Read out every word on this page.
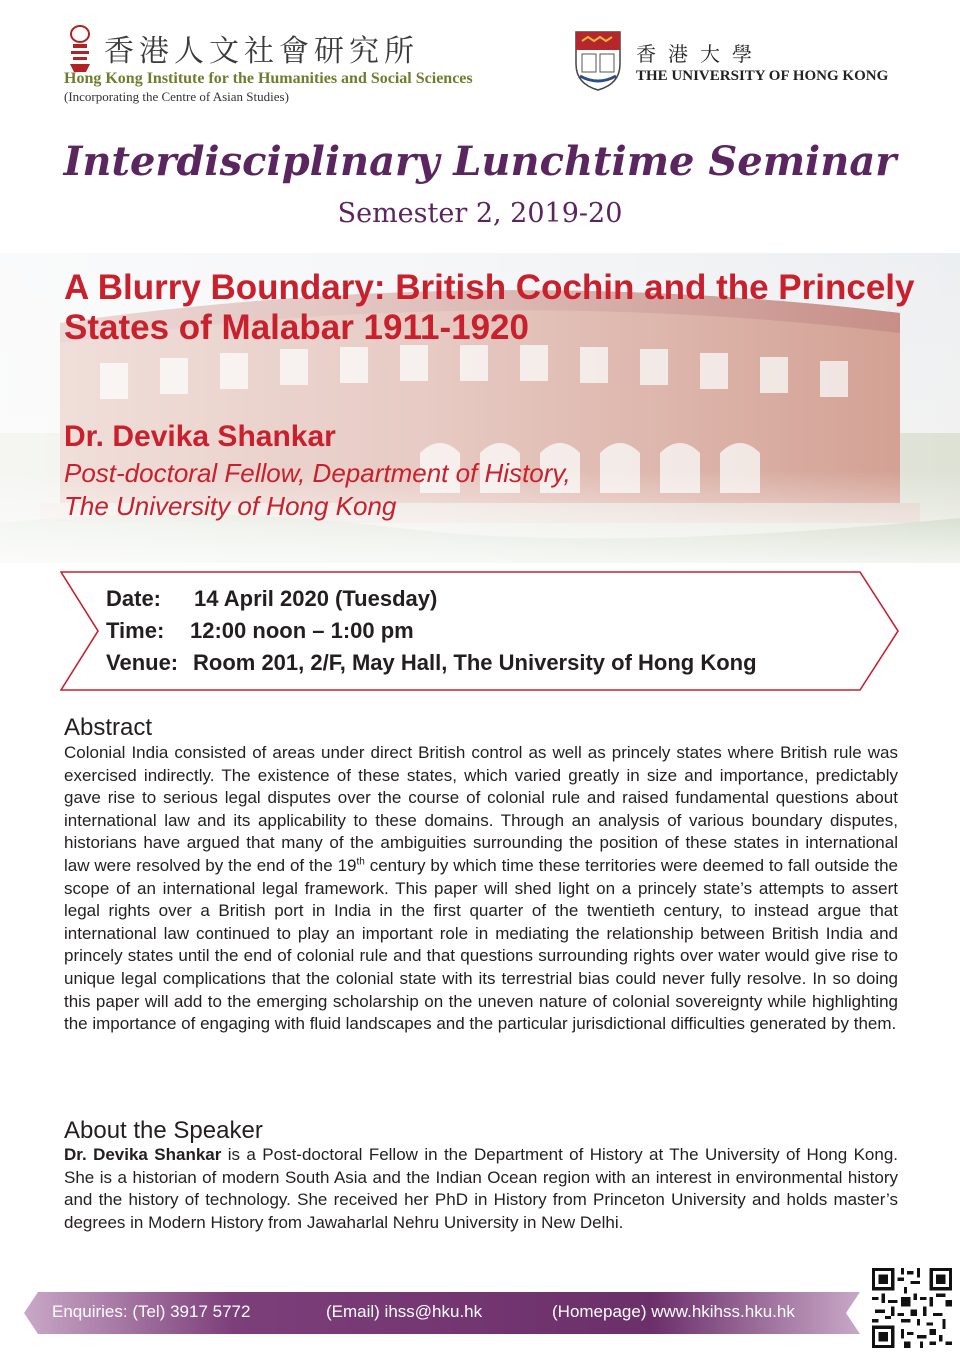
香港人文社會研究所
Hong Kong Institute for the Humanities and Social Sciences
(Incorporating the Centre of Asian Studies)
香港大學
THE UNIVERSITY OF HONG KONG
Interdisciplinary Lunchtime Seminar
Semester 2, 2019-20
A Blurry Boundary: British Cochin and the Princely States of Malabar 1911-1920
Dr. Devika Shankar
Post-doctoral Fellow, Department of History,
The University of Hong Kong
Date: 14 April 2020 (Tuesday)
Time: 12:00 noon – 1:00 pm
Venue: Room 201, 2/F, May Hall, The University of Hong Kong
Abstract
Colonial India consisted of areas under direct British control as well as princely states where British rule was exercised indirectly. The existence of these states, which varied greatly in size and importance, predictably gave rise to serious legal disputes over the course of colonial rule and raised fundamental questions about international law and its applicability to these domains. Through an analysis of various boundary disputes, historians have argued that many of the ambiguities surrounding the position of these states in international law were resolved by the end of the 19th century by which time these territories were deemed to fall outside the scope of an international legal framework. This paper will shed light on a princely state’s attempts to assert legal rights over a British port in India in the first quarter of the twentieth century, to instead argue that international law continued to play an important role in mediating the relationship between British India and princely states until the end of colonial rule and that questions surrounding rights over water would give rise to unique legal complications that the colonial state with its terrestrial bias could never fully resolve. In so doing this paper will add to the emerging scholarship on the uneven nature of colonial sovereignty while highlighting the importance of engaging with fluid landscapes and the particular jurisdictional difficulties generated by them.
About the Speaker
Dr. Devika Shankar is a Post-doctoral Fellow in the Department of History at The University of Hong Kong. She is a historian of modern South Asia and the Indian Ocean region with an interest in environmental history and the history of technology. She received her PhD in History from Princeton University and holds master’s degrees in Modern History from Jawaharlal Nehru University in New Delhi.
Enquiries: (Tel) 3917 5772	(Email) ihss@hku.hk	(Homepage) www.hkihss.hku.hk
